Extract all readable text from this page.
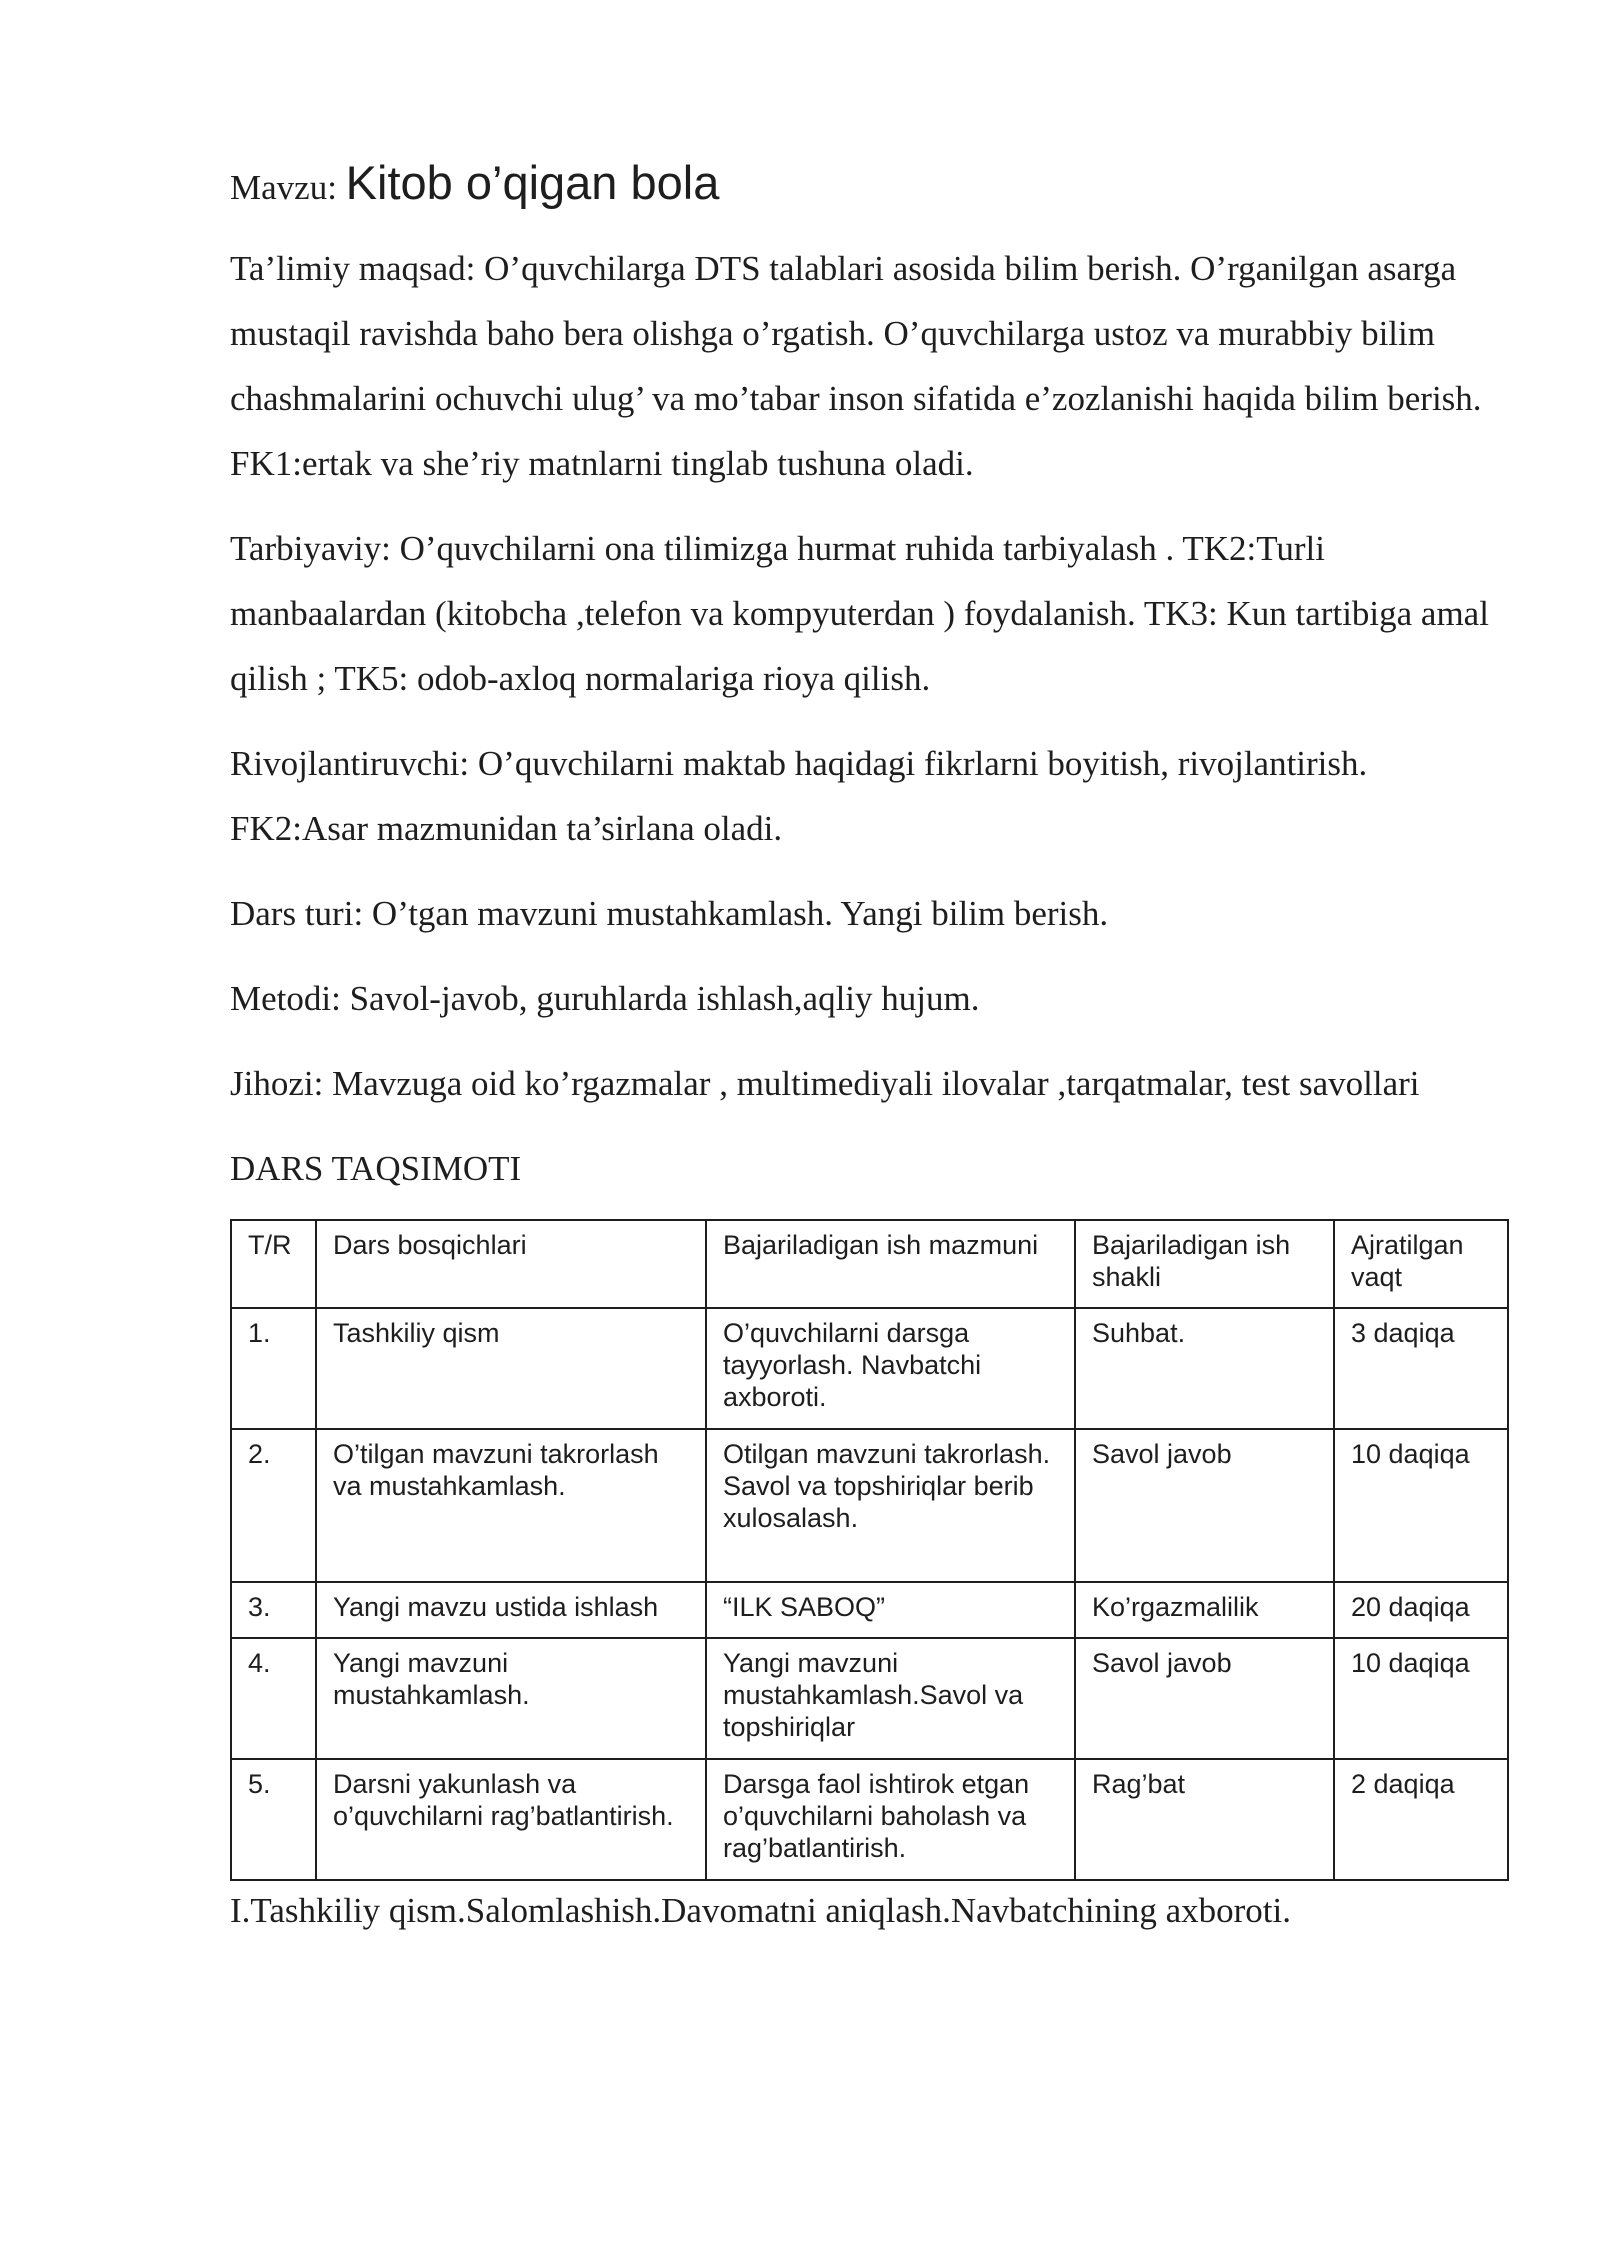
Mavzu: Kitob o’qigan bola

Ta’limiy maqsad: O’quvchilarga DTS talablari asosida bilim berish. O’rganilgan asarga mustaqil ravishda baho bera olishga o’rgatish. O’quvchilarga ustoz va murabbiy bilim chashmalarini ochuvchi ulug’ va mo’tabar inson sifatida e’zozlanishi haqida bilim berish. FK1:ertak va she’riy matnlarni tinglab tushuna oladi.

Tarbiyaviy: O’quvchilarni ona tilimizga hurmat ruhida tarbiyalash . TK2:Turli manbaalardan (kitobcha ,telefon va kompyuterdan ) foydalanish. TK3: Kun tartibiga amal qilish ; TK5: odob-axloq normalariga rioya qilish.

Rivojlantiruvchi: O’quvchilarni maktab haqidagi fikrlarni boyitish, rivojlantirish. FK2:Asar mazmunidan ta’sirlana oladi.

Dars turi: O’tgan mavzuni mustahkamlash. Yangi bilim berish.

Metodi: Savol-javob, guruhlarda ishlash,aqliy hujum.

Jihozi: Mavzuga oid ko’rgazmalar , multimediyali ilovalar ,tarqatmalar, test savollari

DARS TAQSIMOTI

T/R	Dars bosqichlari	Bajariladigan ish mazmuni	Bajariladigan ish shakli	Ajratilgan vaqt
1.	Tashkiliy qism	O’quvchilarni darsga tayyorlash. Navbatchi axboroti.	Suhbat.	3 daqiqa
2.	O’tilgan mavzuni takrorlash va mustahkamlash.	Otilgan mavzuni takrorlash. Savol va topshiriqlar berib xulosalash.	Savol javob	10 daqiqa
3.	Yangi mavzu ustida ishlash	“ILK SABOQ”	Ko’rgazmalilik	20 daqiqa
4.	Yangi mavzuni mustahkamlash.	Yangi mavzuni mustahkamlash.Savol va topshiriqlar	Savol javob	10 daqiqa
5.	Darsni yakunlash va o’quvchilarni rag’batlantirish.	Darsga faol ishtirok etgan o’quvchilarni baholash va rag’batlantirish.	Rag’bat	2 daqiqa

I.Tashkiliy qism.Salomlashish.Davomatni aniqlash.Navbatchining axboroti.
